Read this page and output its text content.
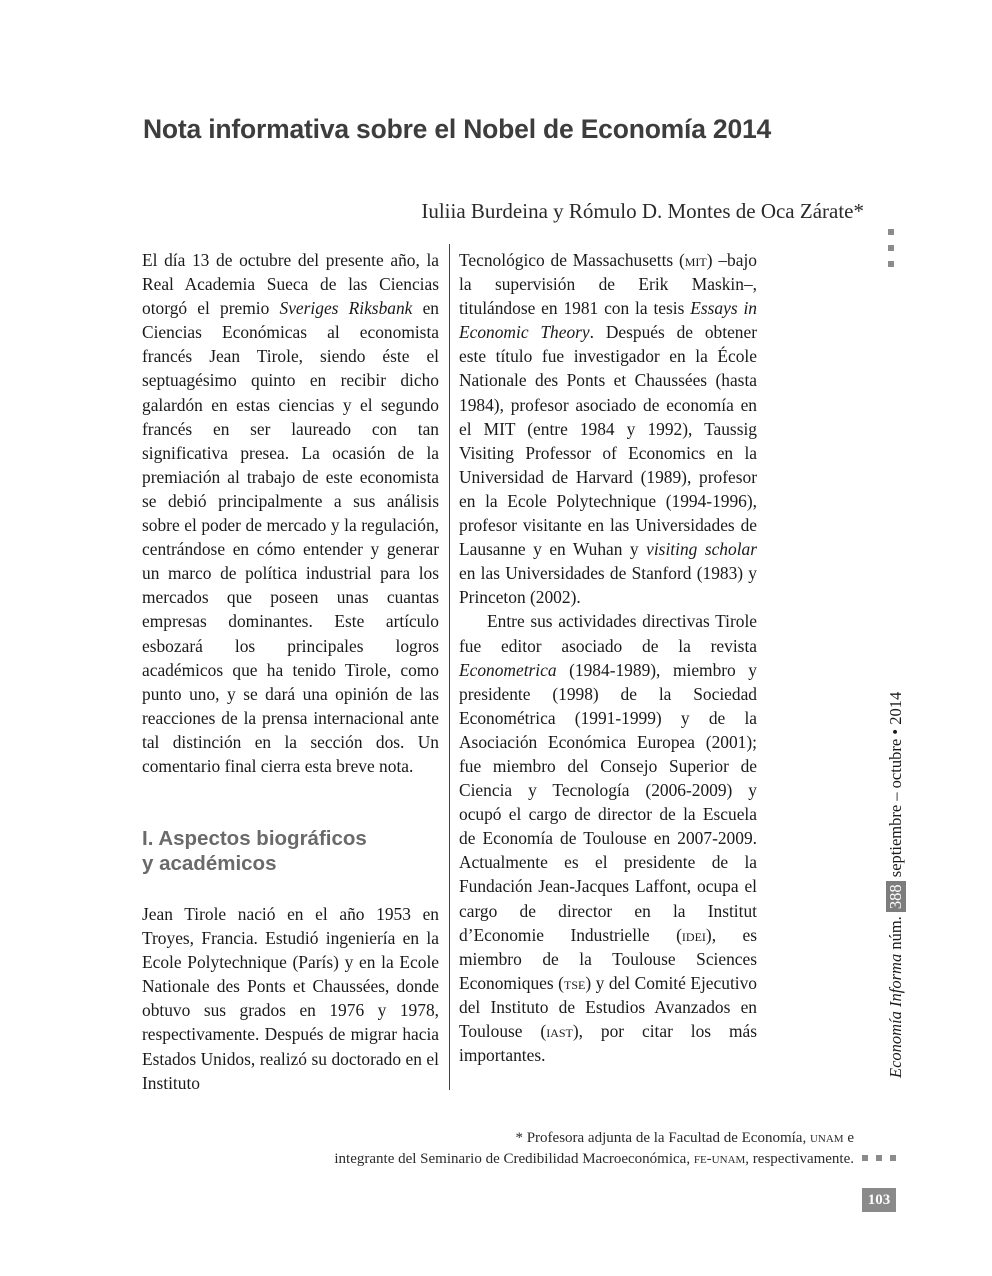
Nota informativa sobre el Nobel de Economía 2014
Iuliia Burdeina y Rómulo D. Montes de Oca Zárate*

El día 13 de octubre del presente año, la Real Academia Sueca de las Ciencias otorgó el premio Sveriges Riksbank en Ciencias Económicas al economista francés Jean Tirole, siendo éste el septuagésimo quinto en recibir dicho galardón en estas ciencias y el segundo francés en ser laureado con tan significativa presea. La ocasión de la premiación al trabajo de este economista se debió principalmente a sus análisis sobre el poder de mercado y la regulación, centrándose en cómo entender y generar un marco de política industrial para los mercados que poseen unas cuantas empresas dominantes. Este artículo esbozará los principales logros académicos que ha tenido Tirole, como punto uno, y se dará una opinión de las reacciones de la prensa internacional ante tal distinción en la sección dos. Un comentario final cierra esta breve nota.

I. Aspectos biográficos
y académicos

Jean Tirole nació en el año 1953 en Troyes, Francia. Estudió ingeniería en la Ecole Polytechnique (París) y en la Ecole Nationale des Ponts et Chaussées, donde obtuvo sus grados en 1976 y 1978, respectivamente. Después de migrar hacia Estados Unidos, realizó su doctorado en el Instituto

Tecnológico de Massachusetts (mit) –bajo la supervisión de Erik Maskin–, titulándose en 1981 con la tesis Essays in Economic Theory. Después de obtener este título fue investigador en la École Nationale des Ponts et Chaussées (hasta 1984), profesor asociado de economía en el MIT (entre 1984 y 1992), Taussig Visiting Professor of Economics en la Universidad de Harvard (1989), profesor en la Ecole Polytechnique (1994-1996), profesor visitante en las Universidades de Lausanne y en Wuhan y visiting scholar en las Universidades de Stanford (1983) y Princeton (2002).

Entre sus actividades directivas Tirole fue editor asociado de la revista Econometrica (1984-1989), miembro y presidente (1998) de la Sociedad Econométrica (1991-1999) y de la Asociación Económica Europea (2001); fue miembro del Consejo Superior de Ciencia y Tecnología (2006-2009) y ocupó el cargo de director de la Escuela de Economía de Toulouse en 2007-2009. Actualmente es el presidente de la Fundación Jean-Jacques Laffont, ocupa el cargo de director en la Institut d’Economie Industrielle (idei), es miembro de la Toulouse Sciences Economiques (tse) y del Comité Ejecutivo del Instituto de Estudios Avanzados en Toulouse (iast), por citar los más importantes.	Economía Informa núm. 388 septiembre – octubre • 2014
* Profesora adjunta de la Facultad de Economía, unam e
integrante del Seminario de Credibilidad Macroeconómica, fe-unam, respectivamente.
103
